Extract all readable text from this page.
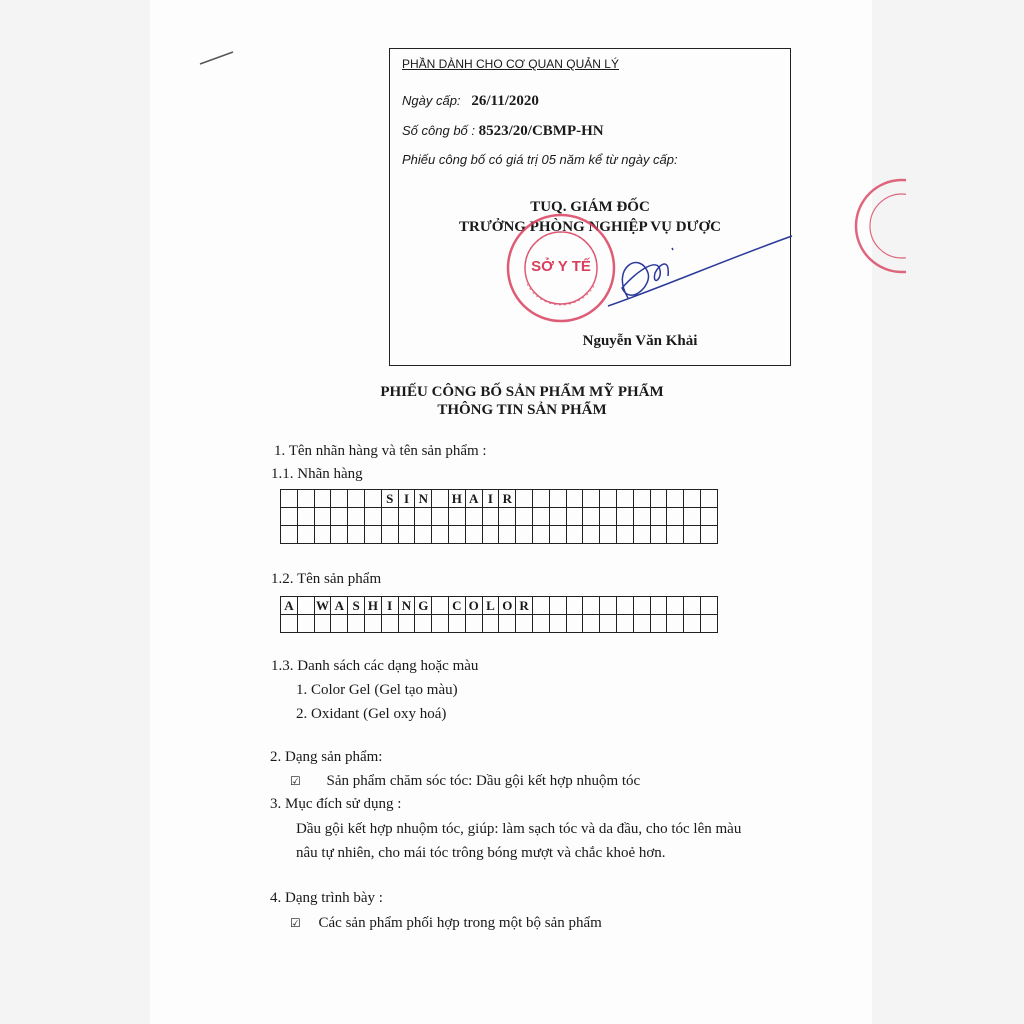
PHẦN DÀNH CHO CƠ QUAN QUẢN LÝ
Ngày cấp: 26/11/2020
Số công bố : 8523/20/CBMP-HN
Phiếu công bố có giá trị 05 năm kể từ ngày cấp:
TUQ. GIÁM ĐỐC
TRƯỞNG PHÒNG NGHIỆP VỤ DƯỢC
Nguyễn Văn Khải
SỞ Y TẾ
PHIẾU CÔNG BỐ SẢN PHẨM MỸ PHẨM
THÔNG TIN SẢN PHẨM
1. Tên nhãn hàng và tên sản phẩm :
1.1. Nhãn hàng
						S	I	N		H	A	I	R												

1.2. Tên sản phẩm
A		W	A	S	H	I	N	G		C	O	L	O	R											

1.3. Danh sách các dạng hoặc màu
1. Color Gel (Gel tạo màu)
2. Oxidant (Gel oxy hoá)
2. Dạng sản phẩm:
☑ Sản phẩm chăm sóc tóc: Dầu gội kết hợp nhuộm tóc
3. Mục đích sử dụng :
Dầu gội kết hợp nhuộm tóc, giúp: làm sạch tóc và da đầu, cho tóc lên màu
nâu tự nhiên, cho mái tóc trông bóng mượt và chắc khoẻ hơn.
4. Dạng trình bày :
☑ Các sản phẩm phối hợp trong một bộ sản phẩm
